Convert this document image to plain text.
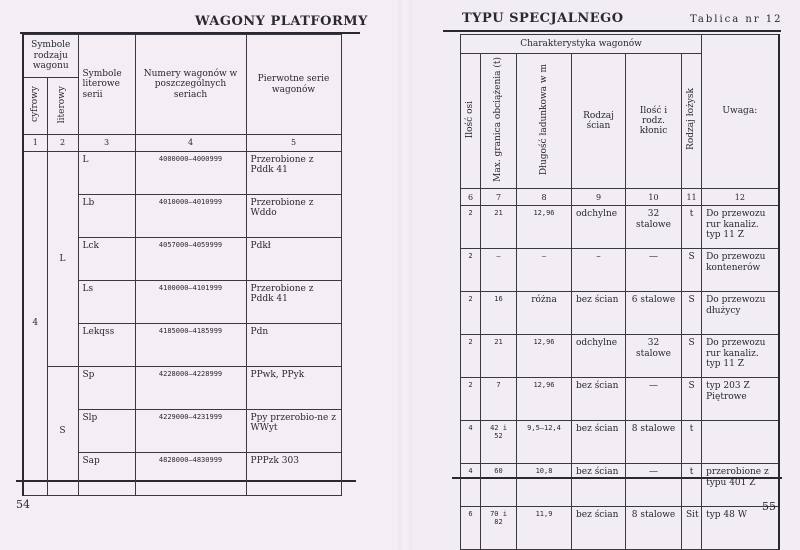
WAGONY PLATFORMY	TYPU SPECJALNEGO	Tablica nr 12
Symbole rodzaju wagonu		Symbole literowe serii	Numery wagonów w poszczególnych seriach	Pierwotne serie wagonów
cyfrowy	literowy			
1	2	3	4	5
4	L	L	4000000—4000999	Przerobione z Pddk 41
		Lb	4010000—4010999	Przerobione z Wddo
		Lck	4057000—4059999	Pdkł
		Ls	4100000—4101999	Przerobione z Pddk 41
		Lekqss	4185000—4185999	Pdn
	S	Sp	4228000—4228999	PPwk, PPyk
		Slp	4229000—4231999	Ppy przerobio-ne z WWyt
		Sap	4828000—4830999	PPPzk 303
Charakterystyka wagonów						Uwaga:
Ilość osi	Max. granica obciążenia (t)	Długość ładunkowa w m	Rodzaj ścian	Ilość i rodz. kłonic	Rodzaj łożysk	
6	7	8	9	10	11	12
2	21	12,96	odchylne	32 stalowe	t	Do przewozu rur kanaliz. typ 11 Z
2	—	–	–	—	S	Do przewozu kontenerów
2	16	różna	bez ścian	6 stalowe	S	Do przewozu dłużycy
2	21	12,96	odchylne	32 stalowe	S	Do przewozu rur kanaliz. typ 11 Z
2	7	12,96	bez ścian	—	S	typ 203 Z Piętrowe
4	42 i 52	9,5—12,4	bez ścian	8 stalowe	t	
4	60	10,8	bez ścian	—	t	przerobione z typu 401 Z
6	70 i 82	11,9	bez ścian	8 stalowe	Sit	typ 48 W
54	55
